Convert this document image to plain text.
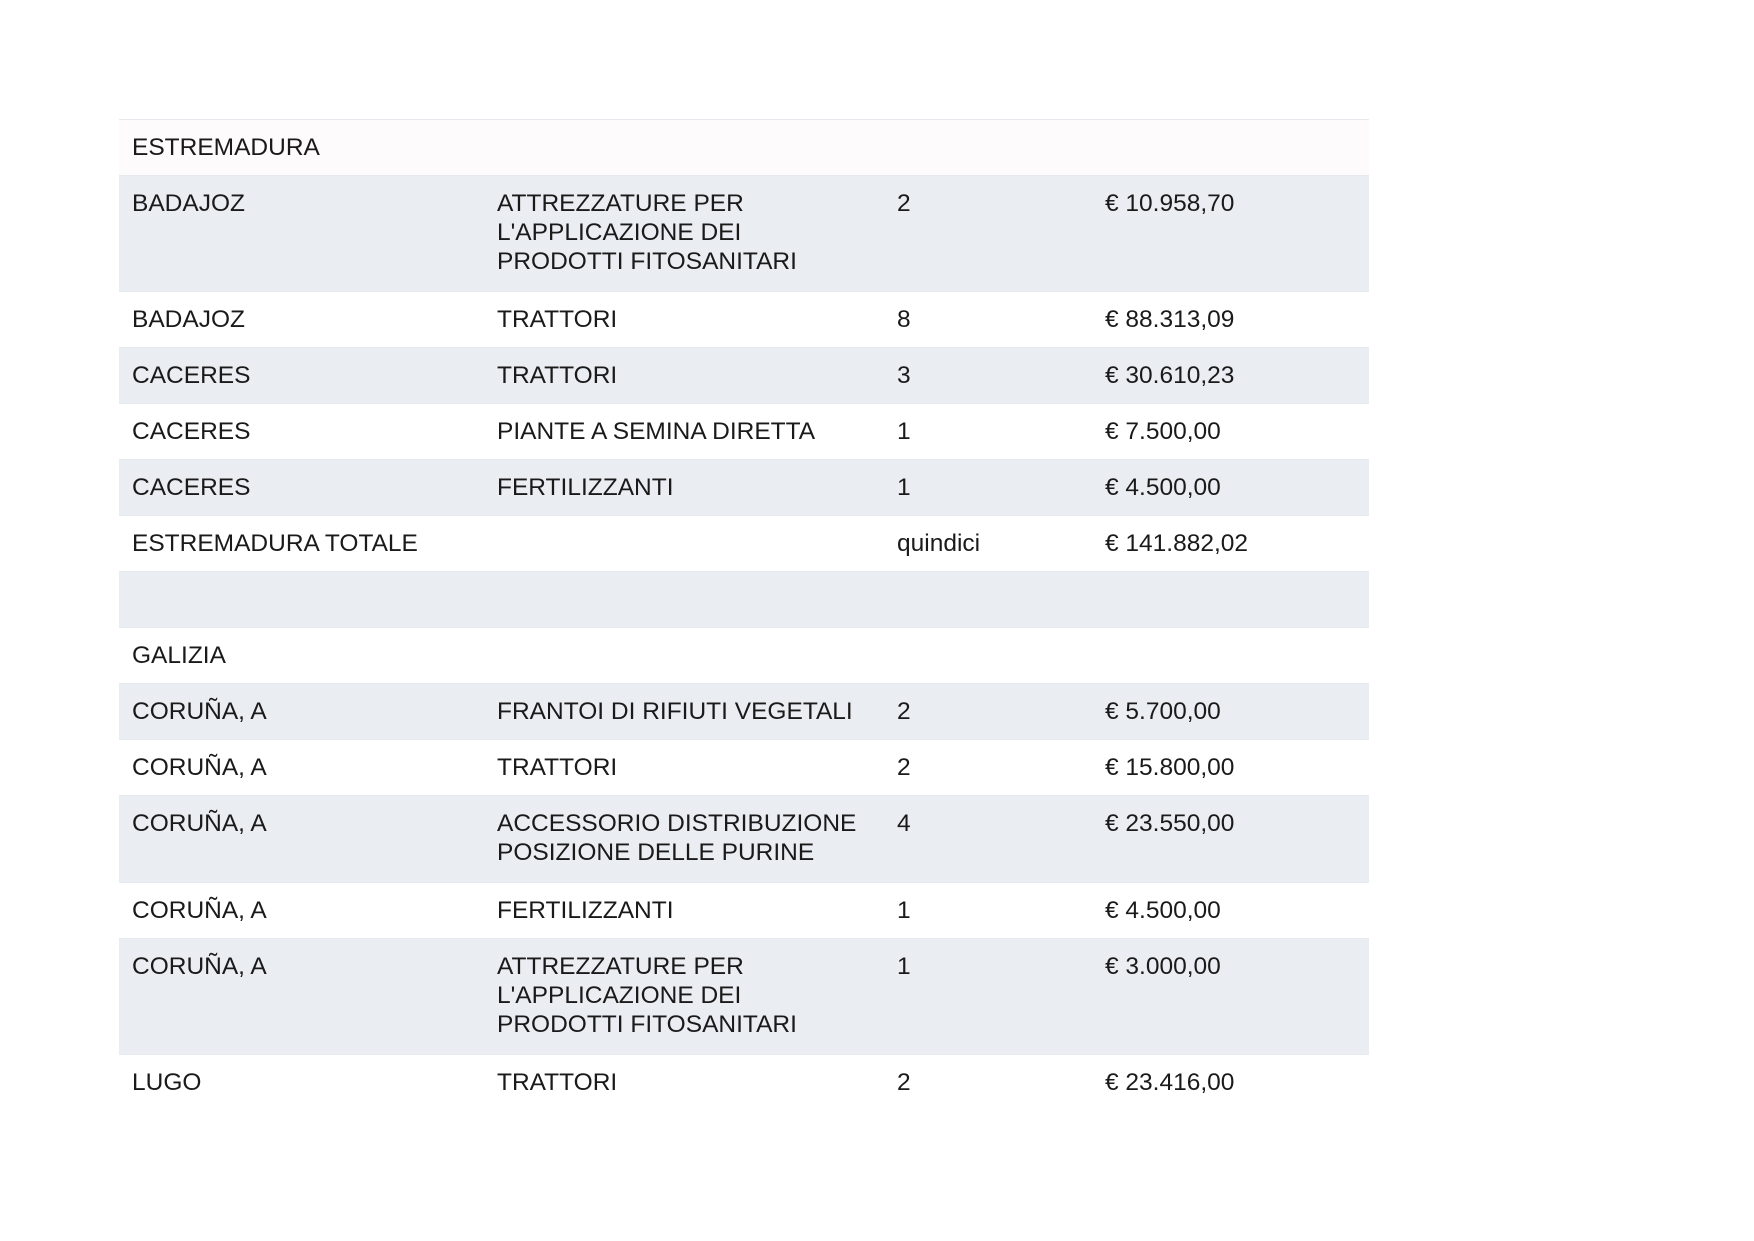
ESTREMADURA			
BADAJOZ	ATTREZZATURE PER L'APPLICAZIONE DEI PRODOTTI FITOSANITARI	2	€ 10.958,70
BADAJOZ	TRATTORI	8	€ 88.313,09
CACERES	TRATTORI	3	€ 30.610,23
CACERES	PIANTE A SEMINA DIRETTA	1	€ 7.500,00
CACERES	FERTILIZZANTI	1	€ 4.500,00
ESTREMADURA TOTALE		quindici	€ 141.882,02

GALIZIA			
CORUÑA, A	FRANTOI DI RIFIUTI VEGETALI	2	€ 5.700,00
CORUÑA, A	TRATTORI	2	€ 15.800,00
CORUÑA, A	ACCESSORIO DISTRIBUZIONE POSIZIONE DELLE PURINE	4	€ 23.550,00
CORUÑA, A	FERTILIZZANTI	1	€ 4.500,00
CORUÑA, A	ATTREZZATURE PER L'APPLICAZIONE DEI PRODOTTI FITOSANITARI	1	€ 3.000,00
LUGO	TRATTORI	2	€ 23.416,00
